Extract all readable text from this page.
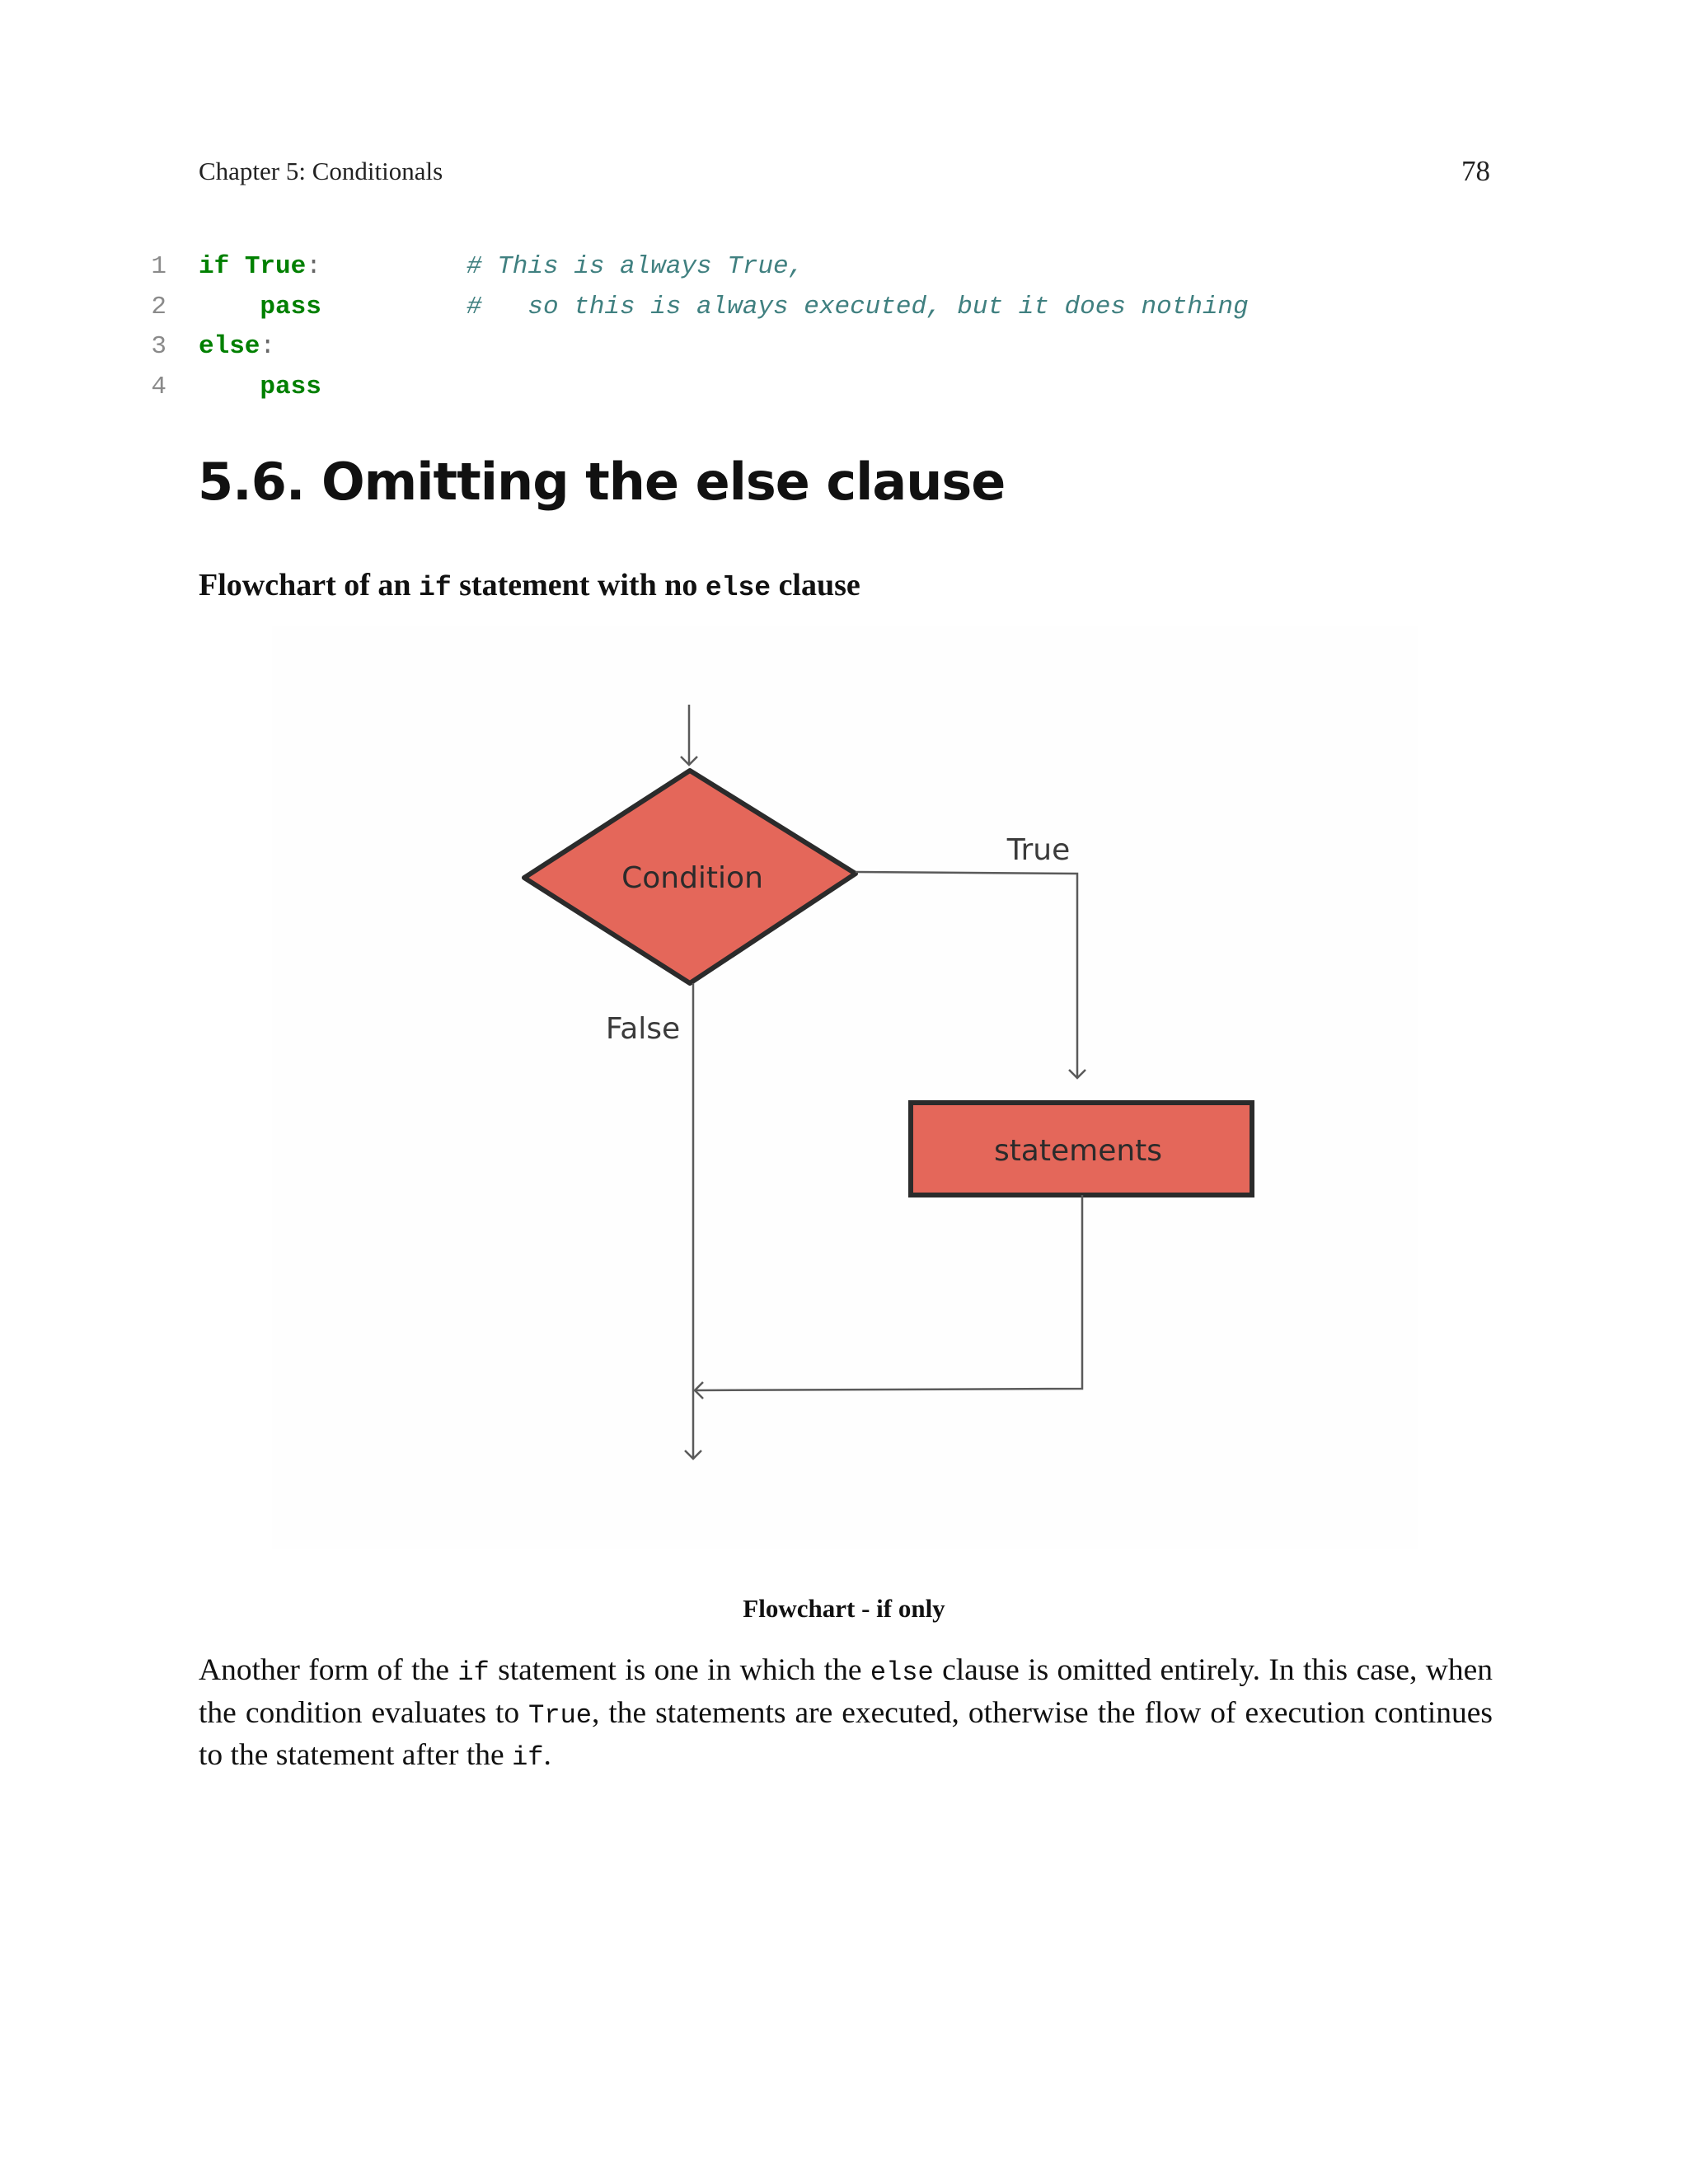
Chapter 5: Conditionals	78
1 if True:	# This is always True,
2	pass	#   so this is always executed, but it does nothing
3 else:
4	pass
5.6. Omitting the else clause
Flowchart of an if statement with no else clause
Condition
True
False
statements
Flowchart - if only

Another form of the if statement is one in which the else clause is omitted entirely. In this case, when the condition evaluates to True, the statements are executed, otherwise the flow of execution continues to the statement after the if.
